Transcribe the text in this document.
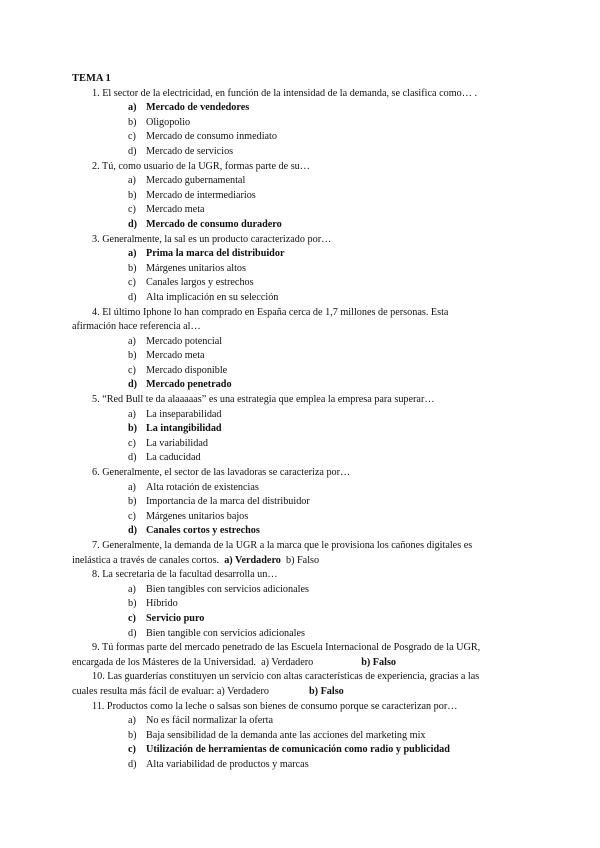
TEMA 1
1. El sector de la electricidad, en función de la intensidad de la demanda, se clasifica como… .
a) Mercado de vendedores
b) Oligopolio
c) Mercado de consumo inmediato
d) Mercado de servicios
2. Tú, como usuario de la UGR, formas parte de su…
a) Mercado gubernamental
b) Mercado de intermediarios
c) Mercado meta
d) Mercado de consumo duradero
3. Generalmente, la sal es un producto caracterizado por…
a) Prima la marca del distribuidor
b) Márgenes unitarios altos
c) Canales largos y estrechos
d) Alta implicación en su selección
4. El último Iphone lo han comprado en España cerca de 1,7 millones de personas. Esta
afirmación hace referencia al…
a) Mercado potencial
b) Mercado meta
c) Mercado disponible
d) Mercado penetrado
5. “Red Bull te da alaaaaas” es una estrategia que emplea la empresa para superar…
a) La inseparabilidad
b) La intangibilidad
c) La variabilidad
d) La caducidad
6. Generalmente, el sector de las lavadoras se caracteriza por…
a) Alta rotación de existencias
b) Importancia de la marca del distribuidor
c) Márgenes unitarios bajos
d) Canales cortos y estrechos
7. Generalmente, la demanda de la UGR a la marca que le provisiona los cañones digitales es
inelástica a través de canales cortos. a) Verdadero b) Falso
8. La secretaria de la facultad desarrolla un…
a) Bien tangibles con servicios adicionales
b) Híbrido
c) Servicio puro
d) Bien tangible con servicios adicionales
9. Tú formas parte del mercado penetrado de las Escuela Internacional de Posgrado de la UGR,
encargada de los Másteres de la Universidad. a) Verdadero	b) Falso
10. Las guarderías constituyen un servicio con altas características de experiencia, gracias a las
cuales resulta más fácil de evaluar: a) Verdadero	b) Falso
11. Productos como la leche o salsas son bienes de consumo porque se caracterizan por…
a) No es fácil normalizar la oferta
b) Baja sensibilidad de la demanda ante las acciones del marketing mix
c) Utilización de herramientas de comunicación como radio y publicidad
d) Alta variabilidad de productos y marcas
